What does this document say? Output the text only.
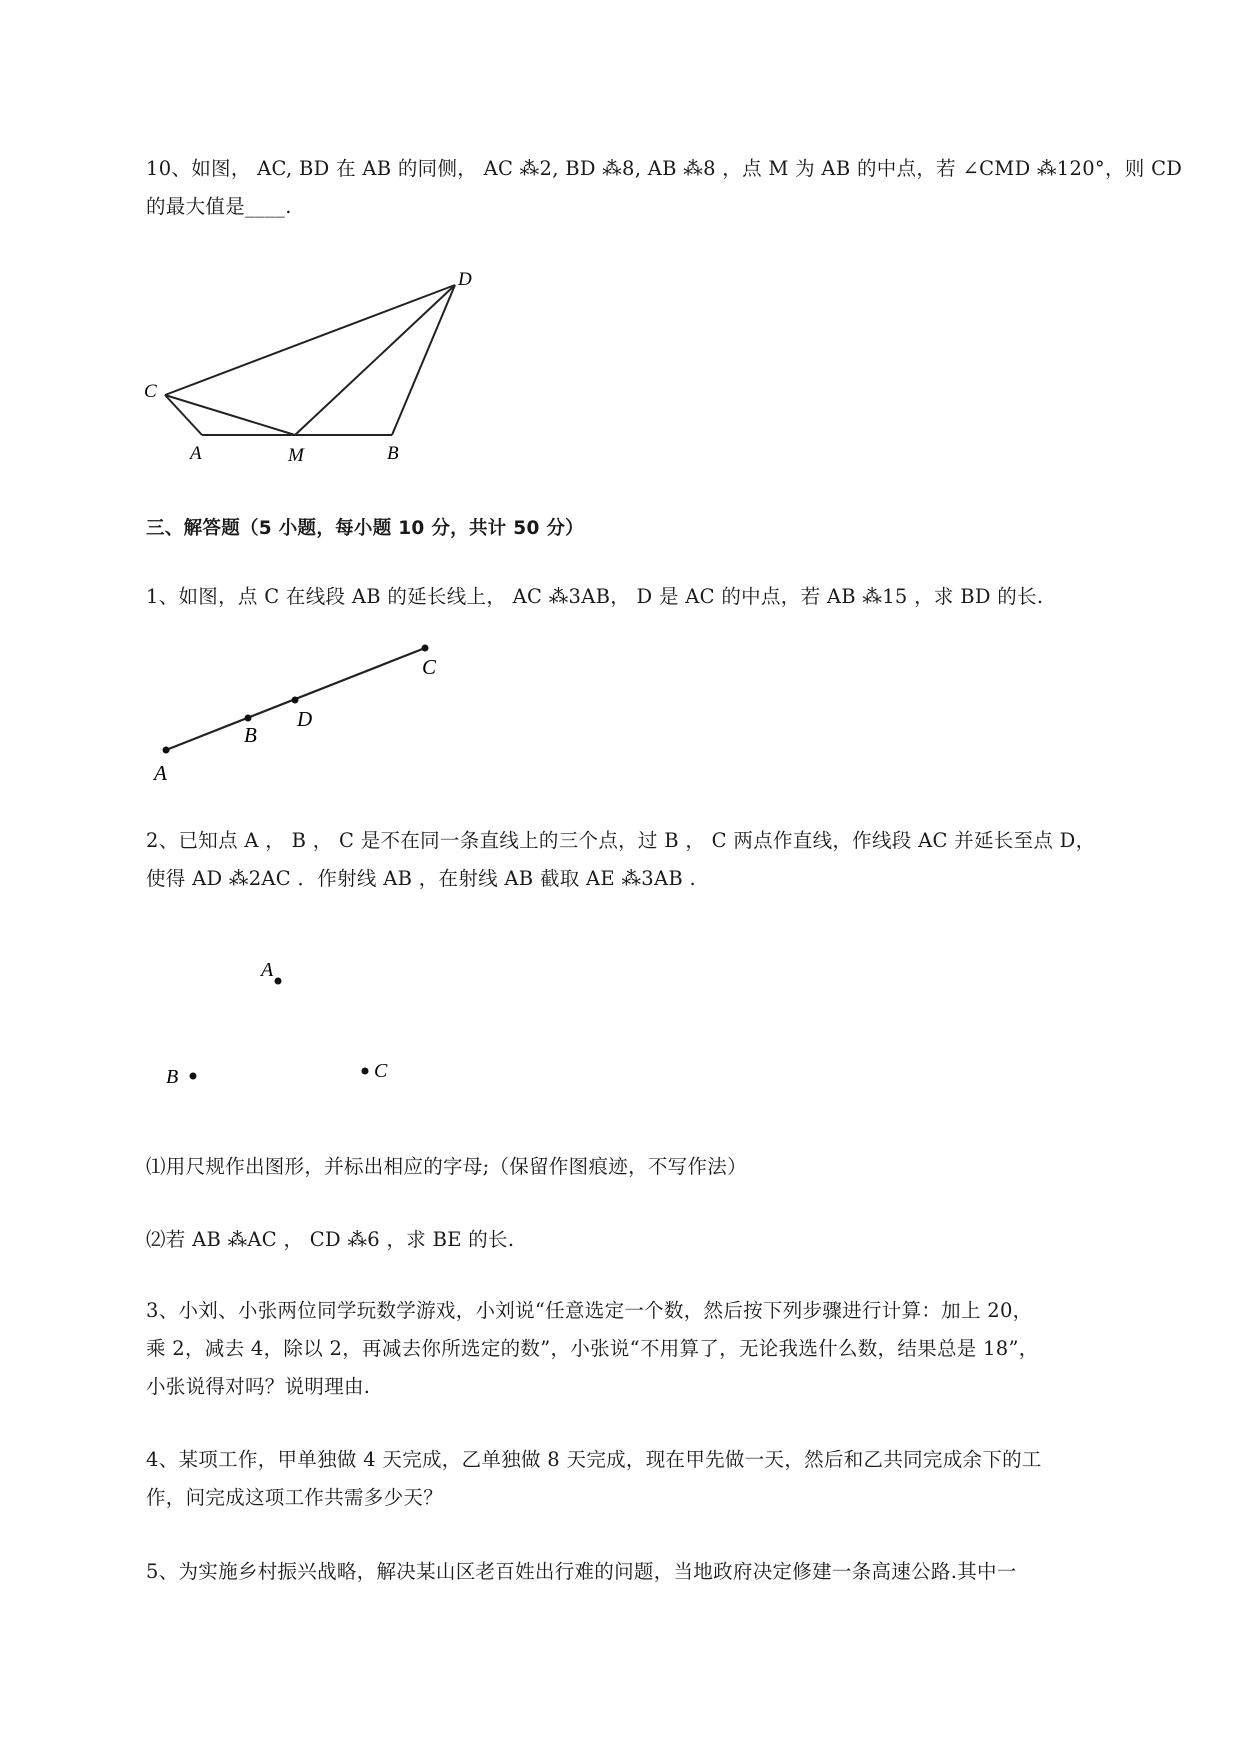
10、如图， AC, BD 在 AB 的同侧， AC ⁂2, BD ⁂8, AB ⁂8 ，点 M 为 AB 的中点，若 ∠CMD ⁂120°，则 CD
的最大值是____.
C
A	M	B
D
三、解答题（5 小题，每小题 10 分，共计 50 分）
1、如图，点 C 在线段 AB 的延长线上， AC ⁂3AB， D 是 AC 的中点，若 AB ⁂15 ，求 BD 的长.
A
B
D
C
2、已知点 A ， B ， C 是不在同一条直线上的三个点，过 B ， C 两点作直线，作线段 AC 并延长至点 D，
使得 AD ⁂2AC ．作射线 AB ，在射线 AB 截取 AE ⁂3AB .
A
B	C
⑴用尺规作出图形，并标出相应的字母;（保留作图痕迹，不写作法）
⑵若 AB ⁂AC ， CD ⁂6 ，求 BE 的长.
3、小刘、小张两位同学玩数学游戏，小刘说“任意选定一个数，然后按下列步骤进行计算：加上 20，
乘 2，减去 4，除以 2，再减去你所选定的数”，小张说“不用算了，无论我选什么数，结果总是 18”，
小张说得对吗？说明理由.
4、某项工作，甲单独做 4 天完成，乙单独做 8 天完成，现在甲先做一天，然后和乙共同完成余下的工
作，问完成这项工作共需多少天？
5、为实施乡村振兴战略，解决某山区老百姓出行难的问题，当地政府决定修建一条高速公路.其中一
